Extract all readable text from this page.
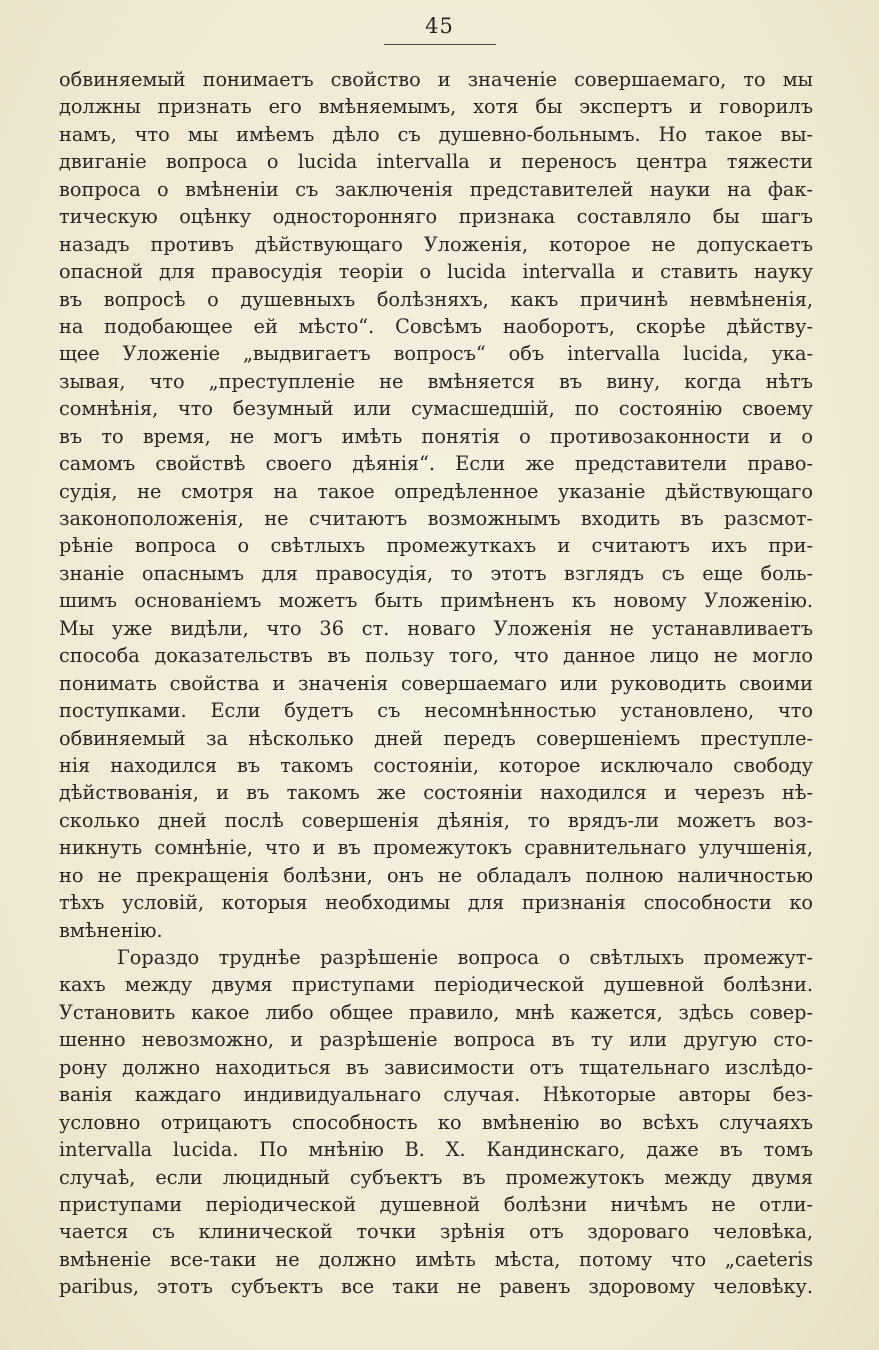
45
обвиняемый понимаетъ свойство и значеніе совершаемаго, то мы
должны признать его вмѣняемымъ, хотя бы экспертъ и говорилъ
намъ, что мы имѣемъ дѣло съ душевно-больнымъ. Но такое вы-
двиганіе вопроса о lucida intervalla и переносъ центра тяжести
вопроса о вмѣненіи съ заключенія представителей науки на фак-
тическую оцѣнку односторонняго признака составляло бы шагъ
назадъ противъ дѣйствующаго Уложенія, которое не допускаетъ
опасной для правосудія теоріи о lucida intervalla и ставить науку
въ вопросѣ о душевныхъ болѣзняхъ, какъ причинѣ невмѣненія,
на подобающее ей мѣсто“. Совсѣмъ наоборотъ, скорѣе дѣйству-
щее Уложеніе „выдвигаетъ вопросъ“ объ intervalla lucida, ука-
зывая, что „преступленіе не вмѣняется въ вину, когда нѣтъ
сомнѣнія, что безумный или сумасшедшій, по состоянію своему
въ то время, не могъ имѣть понятія о противозаконности и о
самомъ свойствѣ своего дѣянія“. Если же представители право-
судія, не смотря на такое опредѣленное указаніе дѣйствующаго
законоположенія, не считаютъ возможнымъ входить въ разсмот-
рѣніе вопроса о свѣтлыхъ промежуткахъ и считаютъ ихъ при-
знаніе опаснымъ для правосудія, то этотъ взглядъ съ еще боль-
шимъ основаніемъ можетъ быть примѣненъ къ новому Уложенію.
Мы уже видѣли, что 36 ст. новаго Уложенія не устанавливаетъ
способа доказательствъ въ пользу того, что данное лицо не могло
понимать свойства и значенія совершаемаго или руководить своими
поступками. Если будетъ съ несомнѣнностью установлено, что
обвиняемый за нѣсколько дней передъ совершеніемъ преступле-
нія находился въ такомъ состояніи, которое исключало свободу
дѣйствованія, и въ такомъ же состояніи находился и черезъ нѣ-
сколько дней послѣ совершенія дѣянія, то врядъ-ли можетъ воз-
никнуть сомнѣніе, что и въ промежутокъ сравнительнаго улучшенія,
но не прекращенія болѣзни, онъ не обладалъ полною наличностью
тѣхъ условій, которыя необходимы для признанія способности ко
вмѣненію.
Гораздо труднѣе разрѣшеніе вопроса о свѣтлыхъ промежут-
кахъ между двумя приступами періодической душевной болѣзни.
Установить какое либо общее правило, мнѣ кажется, здѣсь совер-
шенно невозможно, и разрѣшеніе вопроса въ ту или другую сто-
рону должно находиться въ зависимости отъ тщательнаго изслѣдо-
ванія каждаго индивидуальнаго случая. Нѣкоторые авторы без-
условно отрицаютъ способность ко вмѣненію во всѣхъ случаяхъ
intervalla lucida. По мнѣнію В. Х. Кандинскаго, даже въ томъ
случаѣ, если люцидный субъектъ въ промежутокъ между двумя
приступами періодической душевной болѣзни ничѣмъ не отли-
чается съ клинической точки зрѣнія отъ здороваго человѣка,
вмѣненіе все-таки не должно имѣть мѣста, потому что „caeteris
paribus, этотъ субъектъ все таки не равенъ здоровому человѣку.
